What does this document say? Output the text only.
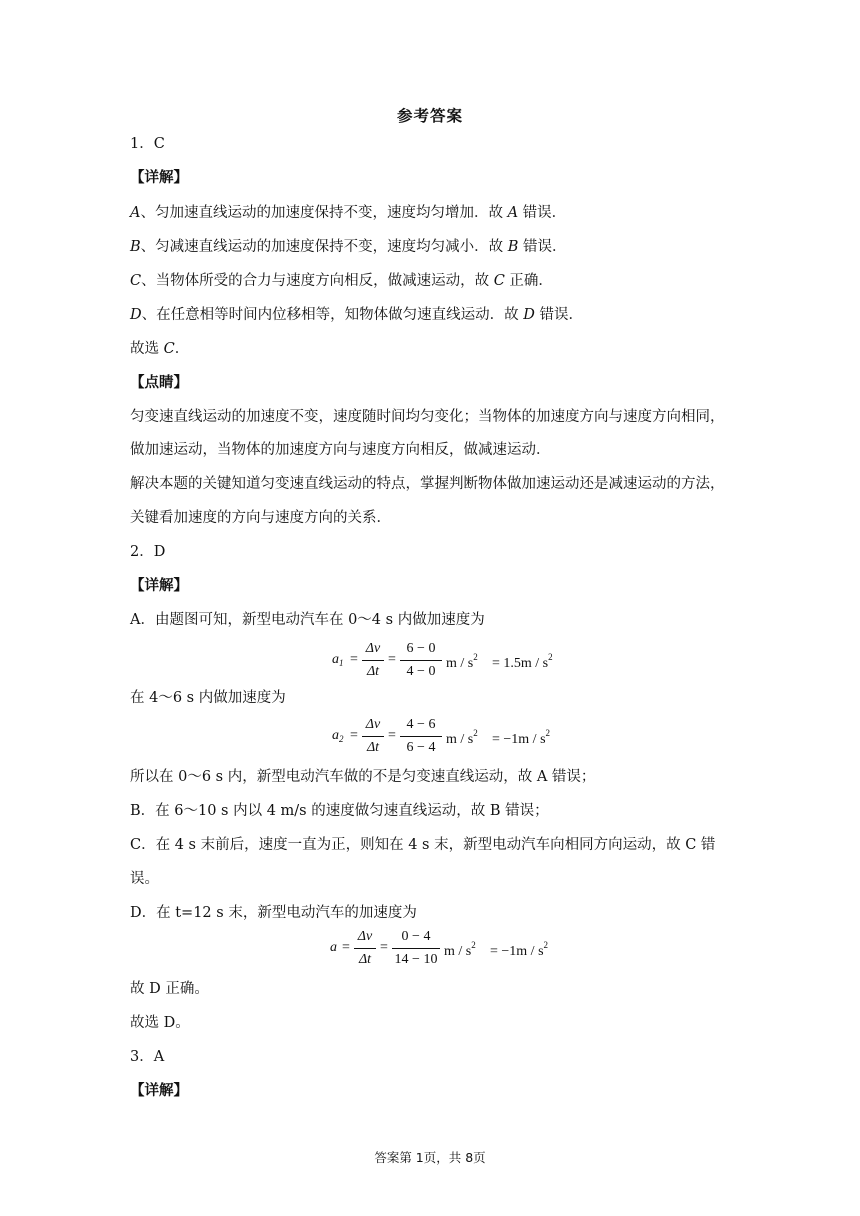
参考答案
1．C
【详解】
A、匀加速直线运动的加速度保持不变，速度均匀增加．故 A 错误．
B、匀减速直线运动的加速度保持不变，速度均匀减小．故 B 错误．
C、当物体所受的合力与速度方向相反，做减速运动，故 C 正确．
D、在任意相等时间内位移相等，知物体做匀速直线运动．故 D 错误．
故选 C．
【点睛】
匀变速直线运动的加速度不变，速度随时间均匀变化；当物体的加速度方向与速度方向相同，
做加速运动，当物体的加速度方向与速度方向相反，做减速运动．
解决本题的关键知道匀变速直线运动的特点，掌握判断物体做加速运动还是减速运动的方法，
关键看加速度的方向与速度方向的关系．
2．D
【详解】
A．由题图可知，新型电动汽车在 0～4 s 内做加速度为
$a_1$ =
Δv
Δt
=
6 − 0
4 − 0
$m / s^2 = 1.5m / s^2$
在 4～6 s 内做加速度为
$a_2$ =
Δv
Δt
=
4 − 6
6 − 4
$m / s^2 = -1m / s^2$
所以在 0～6 s 内，新型电动汽车做的不是匀变速直线运动，故 A 错误；
B．在 6～10 s 内以 4 m/s 的速度做匀速直线运动，故 B 错误；
C．在 4 s 末前后，速度一直为正，则知在 4 s 末，新型电动汽车向相同方向运动，故 C 错
误。
D．在 t=12 s 末，新型电动汽车的加速度为
a =
Δv
Δt
=
0 − 4
14 − 10
$m / s^2 = -1m / s^2$
故 D 正确。
故选 D。
3．A
【详解】
答案第 1页，共 8页
